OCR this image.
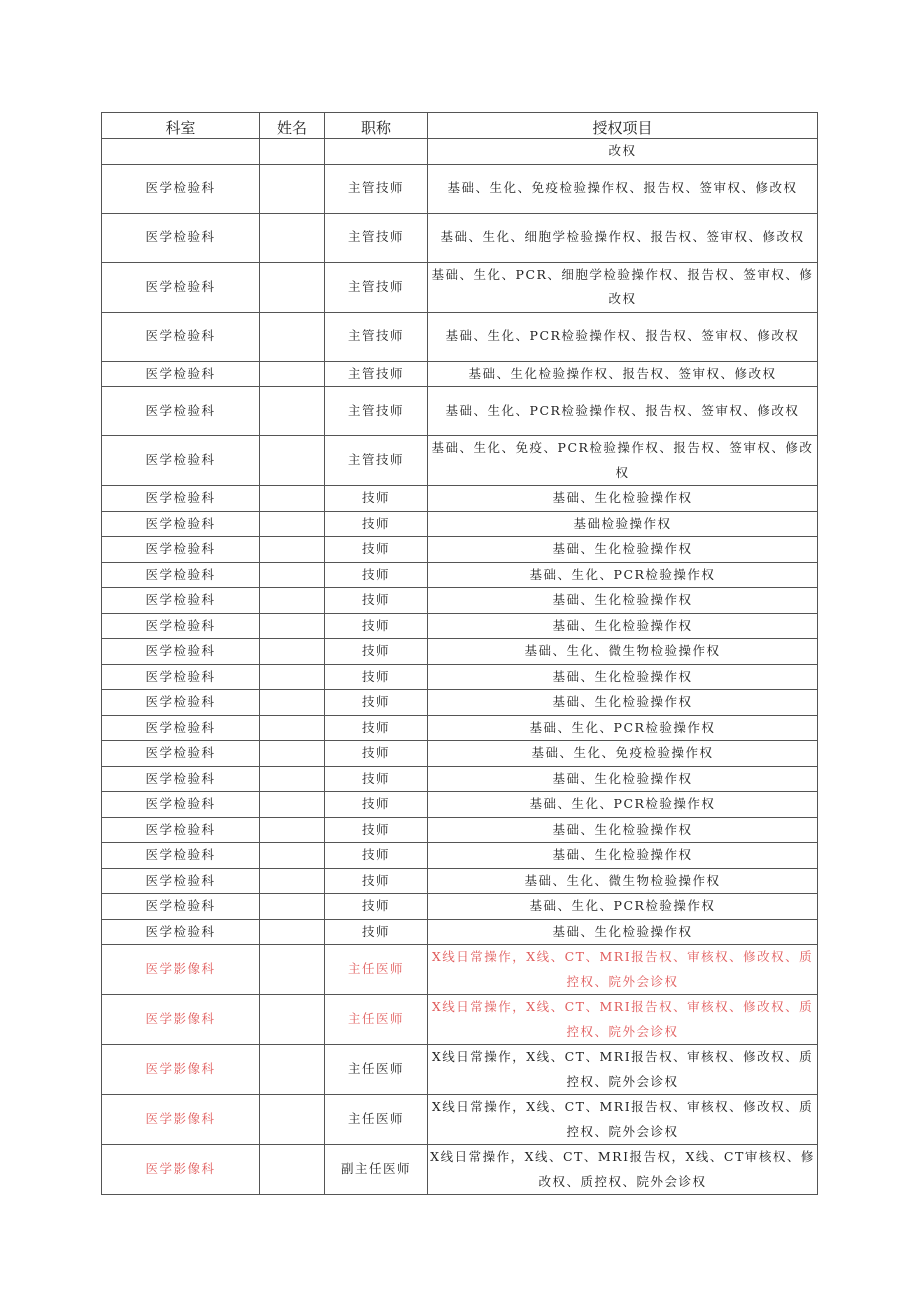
科室	姓名	职称	授权项目
			改权
医学检验科		主管技师	基础、生化、免疫检验操作权、报告权、签审权、修改权
医学检验科		主管技师	基础、生化、细胞学检验操作权、报告权、签审权、修改权
医学检验科		主管技师	基础、生化、PCR、细胞学检验操作权、报告权、签审权、修改权
医学检验科		主管技师	基础、生化、PCR检验操作权、报告权、签审权、修改权
医学检验科		主管技师	基础、生化检验操作权、报告权、签审权、修改权
医学检验科		主管技师	基础、生化、PCR检验操作权、报告权、签审权、修改权
医学检验科		主管技师	基础、生化、免疫、PCR检验操作权、报告权、签审权、修改权
医学检验科		技师	基础、生化检验操作权
医学检验科		技师	基础检验操作权
医学检验科		技师	基础、生化检验操作权
医学检验科		技师	基础、生化、PCR检验操作权
医学检验科		技师	基础、生化检验操作权
医学检验科		技师	基础、生化检验操作权
医学检验科		技师	基础、生化、微生物检验操作权
医学检验科		技师	基础、生化检验操作权
医学检验科		技师	基础、生化检验操作权
医学检验科		技师	基础、生化、PCR检验操作权
医学检验科		技师	基础、生化、免疫检验操作权
医学检验科		技师	基础、生化检验操作权
医学检验科		技师	基础、生化、PCR检验操作权
医学检验科		技师	基础、生化检验操作权
医学检验科		技师	基础、生化检验操作权
医学检验科		技师	基础、生化、微生物检验操作权
医学检验科		技师	基础、生化、PCR检验操作权
医学检验科		技师	基础、生化检验操作权
医学影像科		主任医师	X线日常操作，X线、CT、MRI报告权、审核权、修改权、质控权、院外会诊权
医学影像科		主任医师	X线日常操作，X线、CT、MRI报告权、审核权、修改权、质控权、院外会诊权
医学影像科		主任医师	X线日常操作，X线、CT、MRI报告权、审核权、修改权、质控权、院外会诊权
医学影像科		主任医师	X线日常操作，X线、CT、MRI报告权、审核权、修改权、质控权、院外会诊权
医学影像科		副主任医师	X线日常操作，X线、CT、MRI报告权，X线、CT审核权、修改权、质控权、院外会诊权
